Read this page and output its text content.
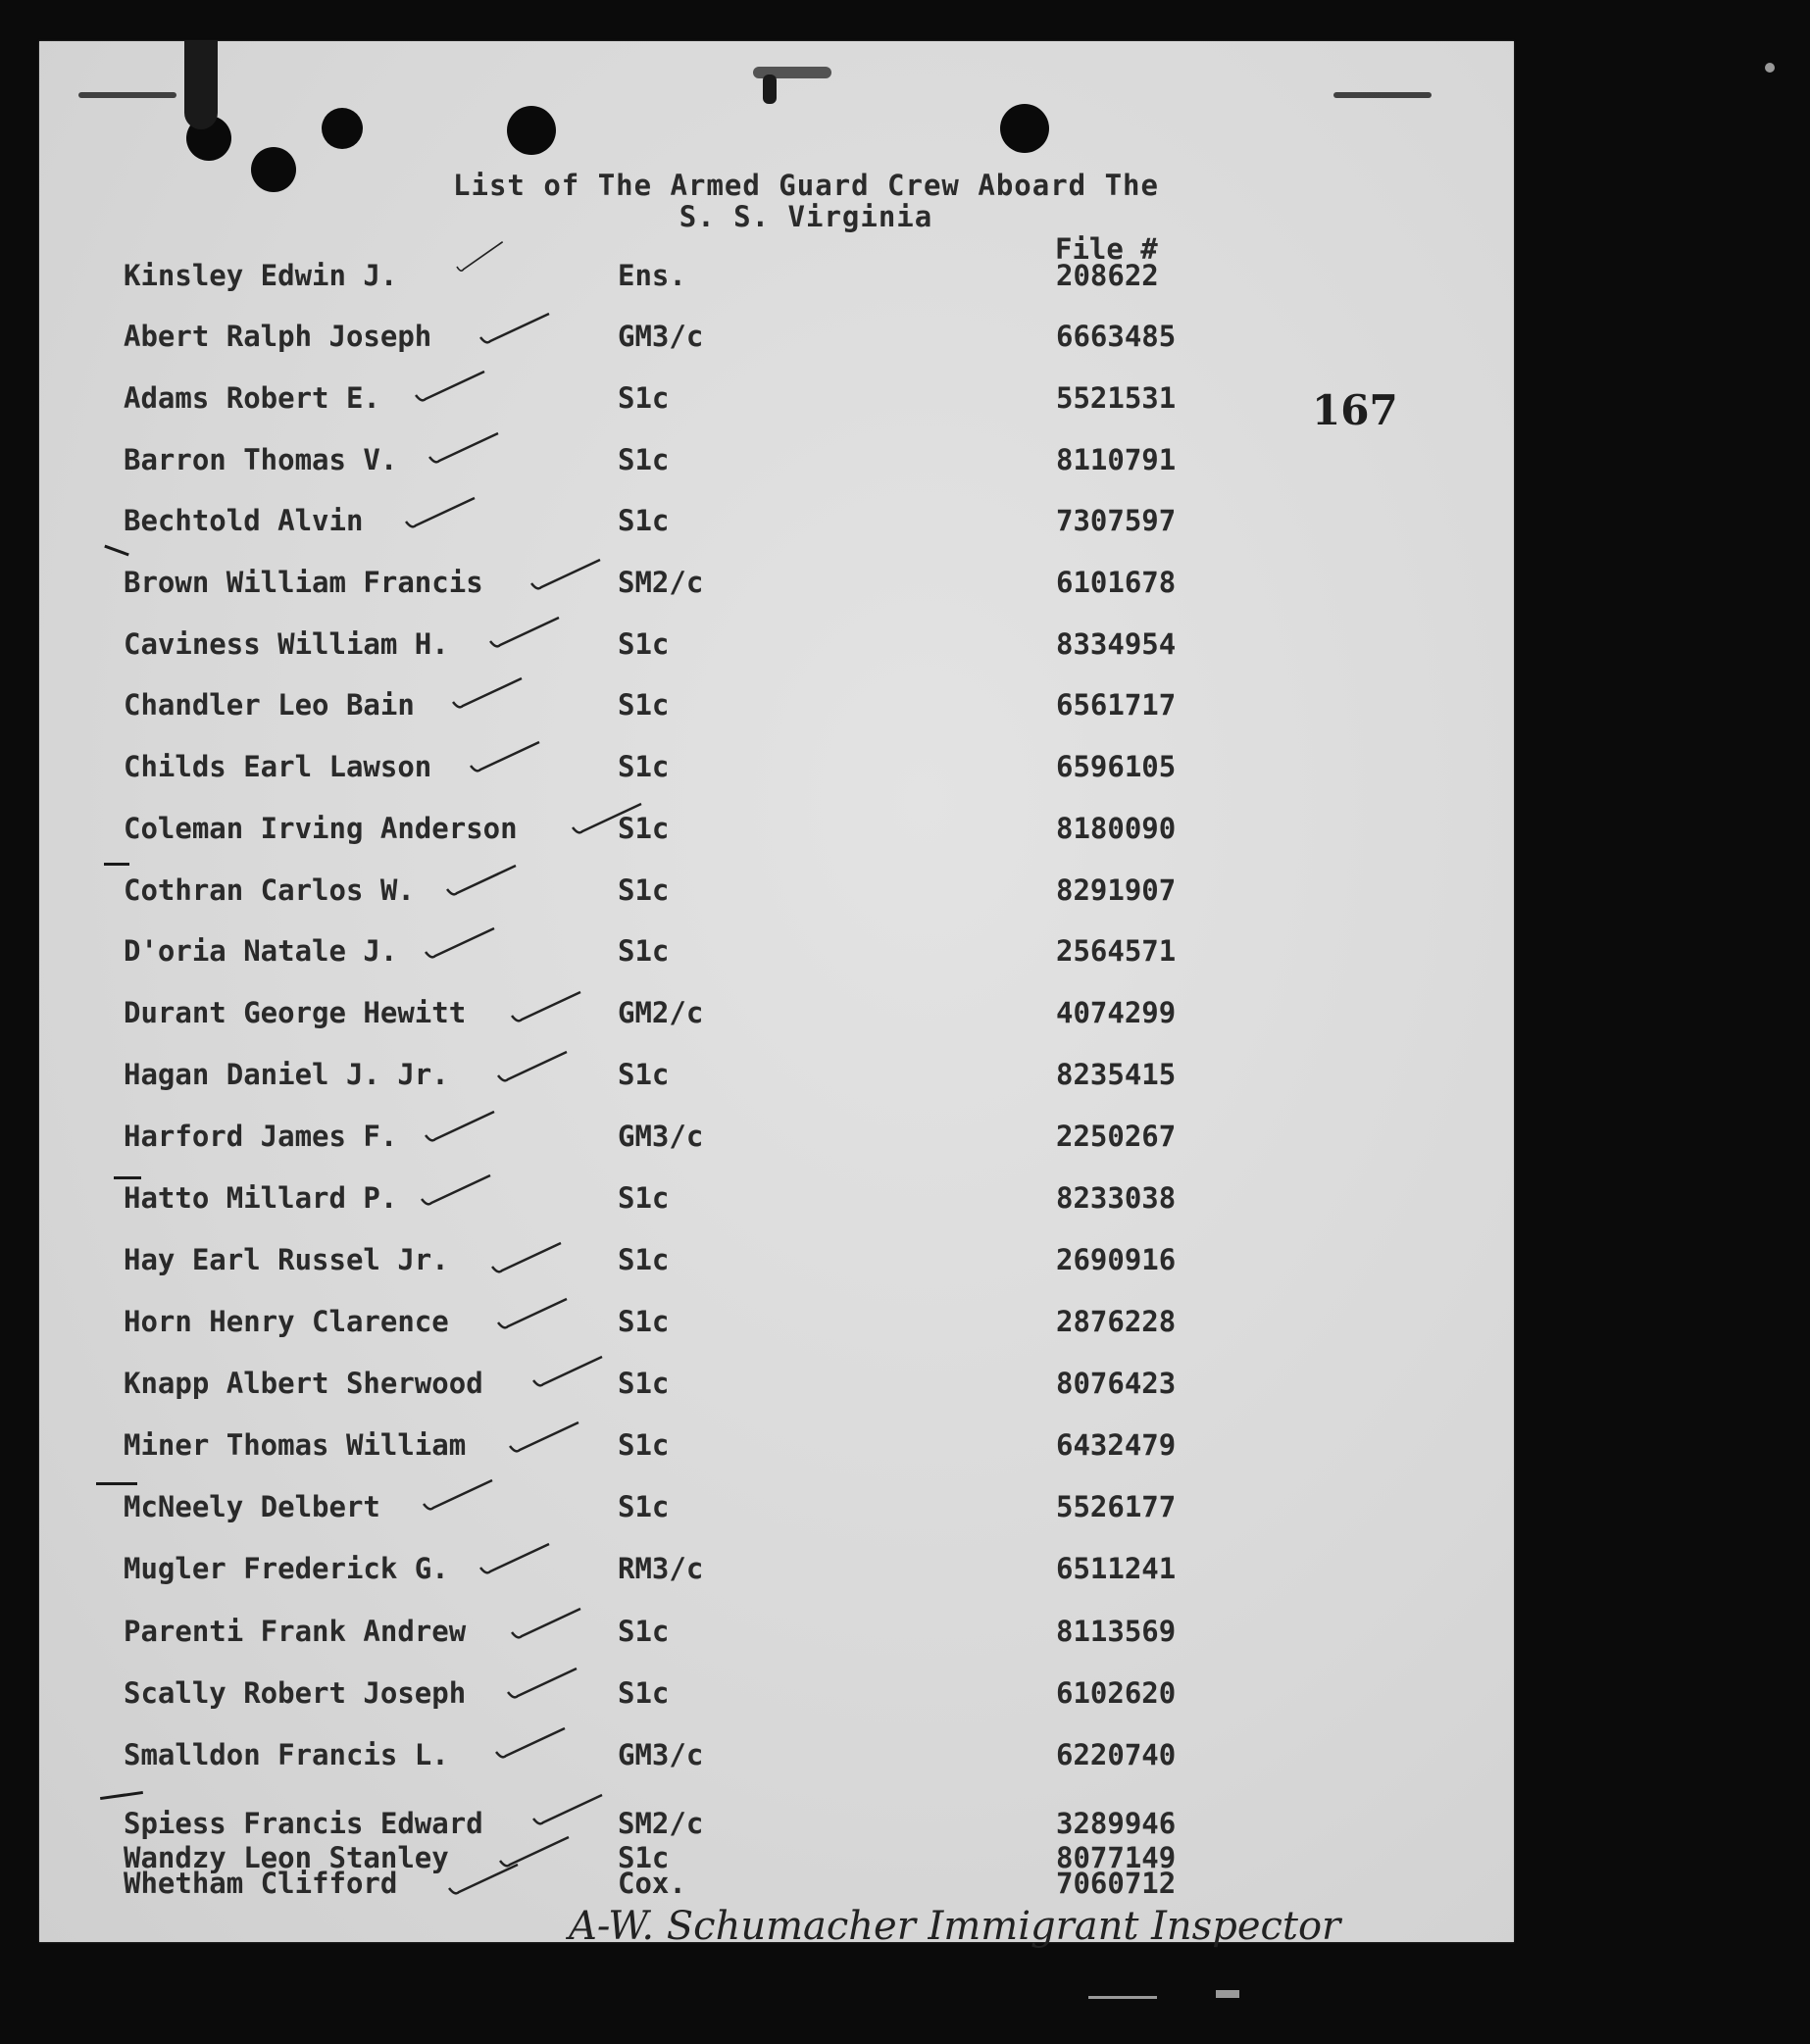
List of The Armed Guard Crew Aboard The
S. S. Virginia
File #
167
Kinsley Edwin J.	Ens.	208622
Abert Ralph Joseph	GM3/c	6663485
Adams Robert E.	S1c	5521531
Barron Thomas V.	S1c	8110791
Bechtold Alvin	S1c	7307597
Brown William Francis	SM2/c	6101678
Caviness William H.	S1c	8334954
Chandler Leo Bain	S1c	6561717
Childs Earl Lawson	S1c	6596105
Coleman Irving Anderson	S1c	8180090
Cothran Carlos W.	S1c	8291907
D'oria Natale J.	S1c	2564571
Durant George Hewitt	GM2/c	4074299
Hagan Daniel J. Jr.	S1c	8235415
Harford James F.	GM3/c	2250267
Hatto Millard P.	S1c	8233038
Hay Earl Russel Jr.	S1c	2690916
Horn Henry Clarence	S1c	2876228
Knapp Albert Sherwood	S1c	8076423
Miner Thomas William	S1c	6432479
McNeely Delbert	S1c	5526177
Mugler Frederick G.	RM3/c	6511241
Parenti Frank Andrew	S1c	8113569
Scally Robert Joseph	S1c	6102620
Smalldon Francis L.	GM3/c	6220740
Spiess Francis Edward	SM2/c	3289946
Wandzy Leon Stanley	S1c	8077149
Whetham Clifford	Cox.	7060712
A-W. Schumacher Immigrant Inspector
